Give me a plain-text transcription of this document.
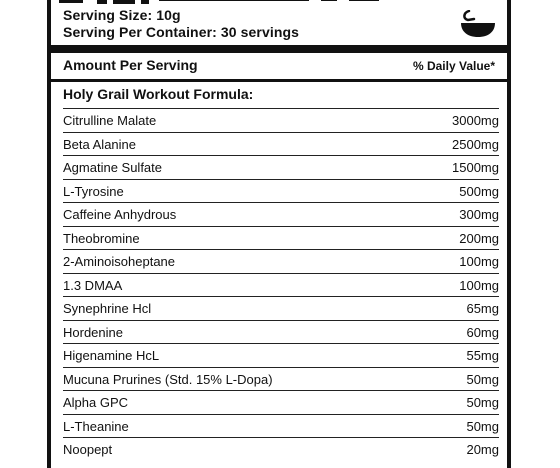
Serving Size: 10g
Serving Per Container: 30 servings
Amount Per Serving	% Daily Value*
Holy Grail Workout Formula:
Citrulline Malate	3000mg
Beta Alanine	2500mg
Agmatine Sulfate	1500mg
L-Tyrosine	500mg
Caffeine Anhydrous	300mg
Theobromine	200mg
2-Aminoisoheptane	100mg
1.3 DMAA	100mg
Synephrine Hcl	65mg
Hordenine	60mg
Higenamine HcL	55mg
Mucuna Prurines (Std. 15% L-Dopa)	50mg
Alpha GPC	50mg
L-Theanine	50mg
Noopept	20mg
